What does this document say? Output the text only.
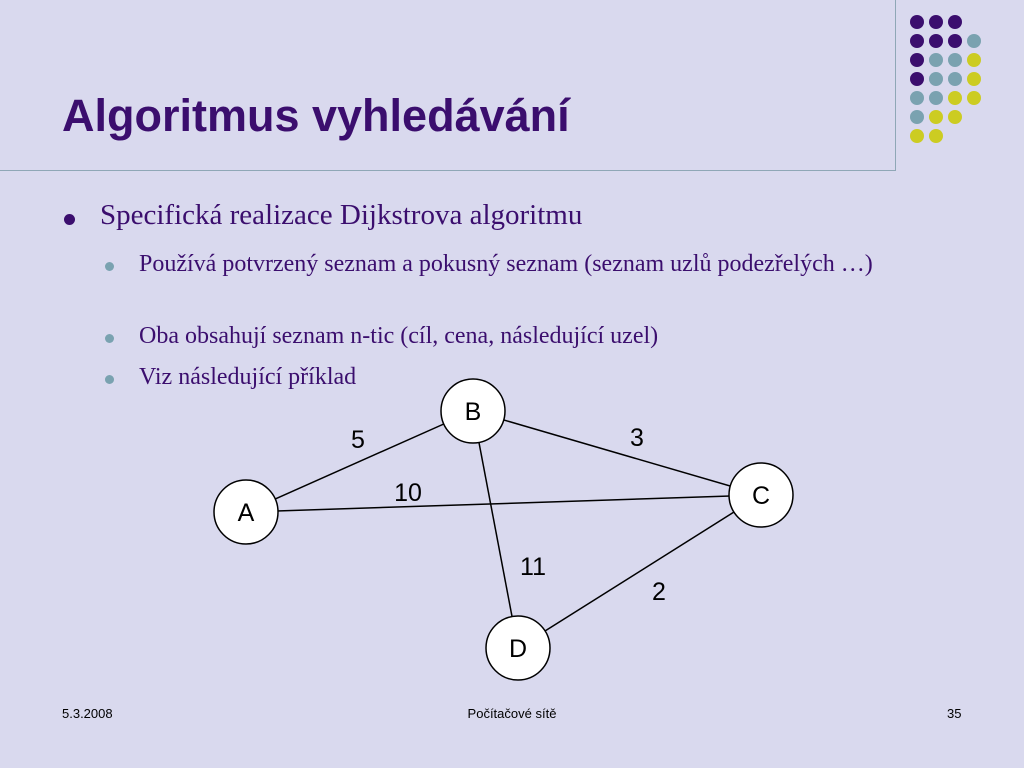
Algoritmus vyhledávání
Specifická realizace Dijkstrova algoritmu
Používá potvrzený seznam a pokusný seznam (seznam uzlů podezřelých …)
Oba obsahují seznam n-tic (cíl, cena, následující uzel)
Viz následující příklad
5	3
10
11
2
A
B
C
D
5.3.2008	Počítačové sítě	35
